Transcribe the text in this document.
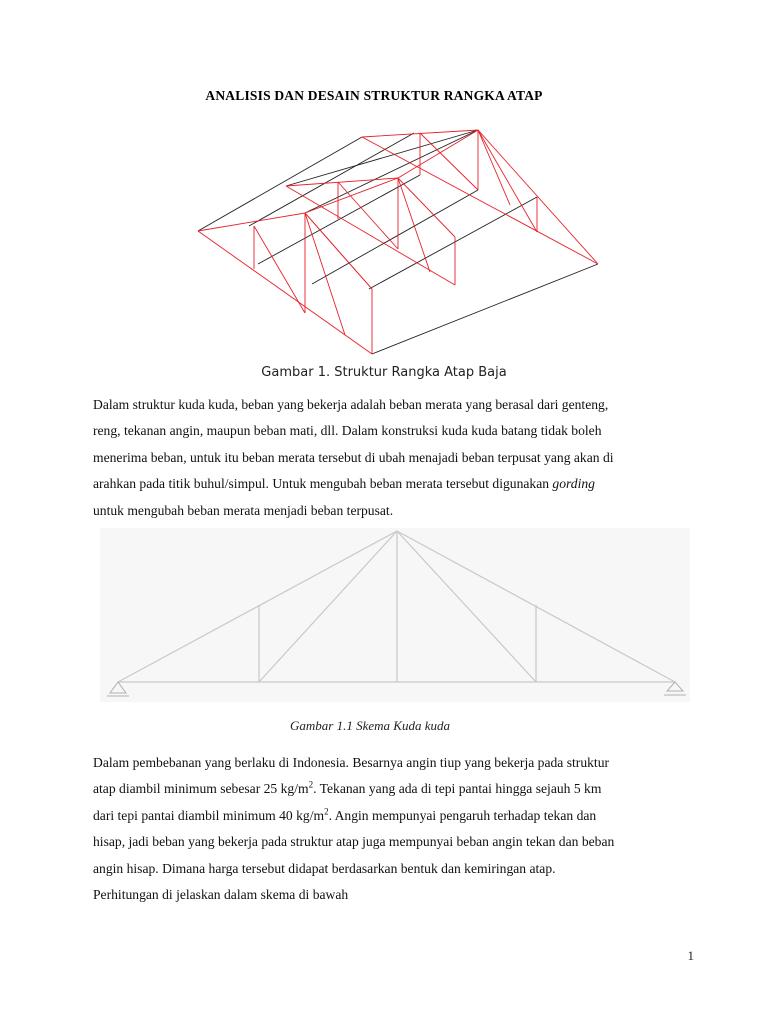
ANALISIS DAN DESAIN STRUKTUR RANGKA ATAP
Gambar 1. Struktur Rangka Atap Baja
Dalam struktur kuda kuda, beban yang bekerja adalah beban merata yang berasal dari genteng,
reng, tekanan angin, maupun beban mati, dll. Dalam konstruksi kuda kuda batang tidak boleh
menerima beban, untuk itu beban merata tersebut di ubah menajadi beban terpusat yang akan di
arahkan pada titik buhul/simpul. Untuk mengubah beban merata tersebut digunakan gording
untuk mengubah beban merata menjadi beban terpusat.
Gambar 1.1 Skema Kuda kuda
Dalam pembebanan yang berlaku di Indonesia. Besarnya angin tiup yang bekerja pada struktur
atap diambil minimum sebesar 25 $kg/m^2$. Tekanan yang ada di tepi pantai hingga sejauh 5 km
dari tepi pantai diambil minimum 40 $kg/m^2$. Angin mempunyai pengaruh terhadap tekan dan
hisap, jadi beban yang bekerja pada struktur atap juga mempunyai beban angin tekan dan beban
angin hisap. Dimana harga tersebut didapat berdasarkan bentuk dan kemiringan atap.
Perhitungan di jelaskan dalam skema di bawah
1
